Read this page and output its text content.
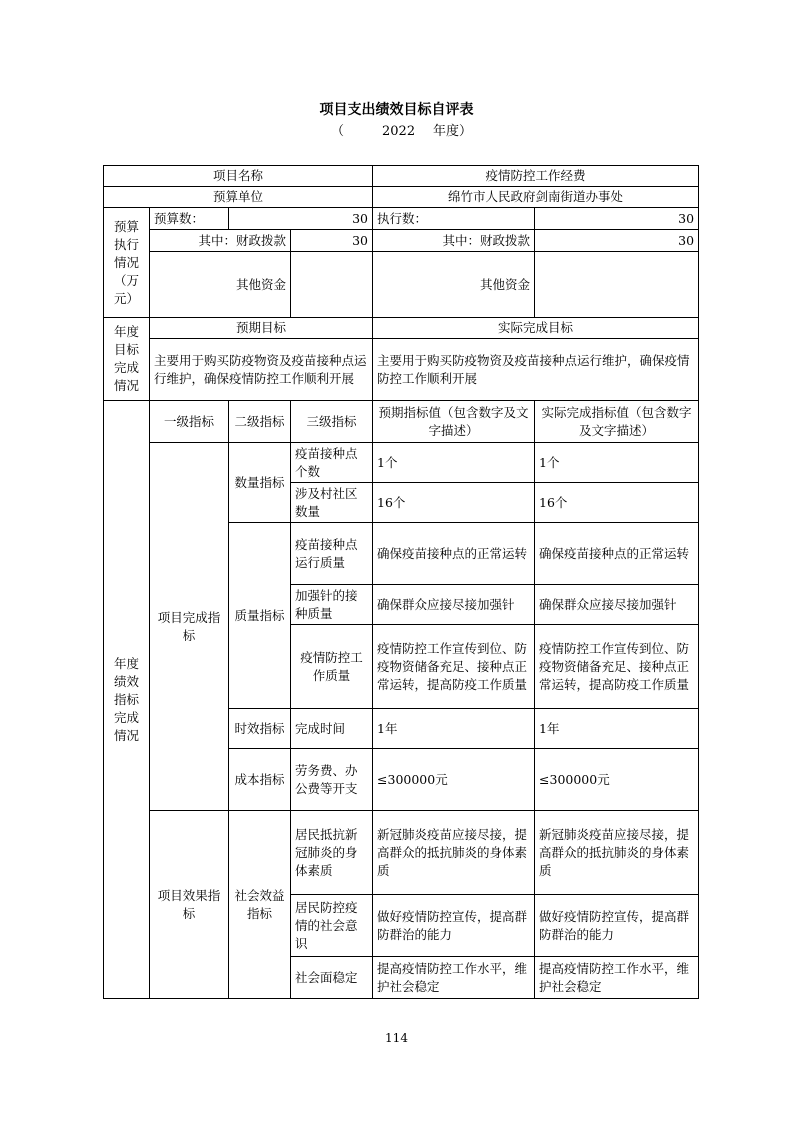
项目支出绩效目标自评表
（	2022 年度）
项目名称				疫情防控工作经费	
预算单位				绵竹市人民政府剑南街道办事处	
预算执行情况（万元）	预算数：	30		执行数：	30
	其中：财政拨款		30	其中：财政拨款	30
	其他资金			其他资金	
年度目标完成情况	预期目标			实际完成目标	
	主要用于购买防疫物资及疫苗接种点运行维护，确保疫情防控工作顺利开展			主要用于购买防疫物资及疫苗接种点运行维护，确保疫情防控工作顺利开展	
年度绩效指标完成情况	一级指标	二级指标	三级指标	预期指标值（包含数字及文字描述）	实际完成指标值（包含数字及文字描述）
	项目完成指标	数量指标	疫苗接种点个数	1个	1个
			涉及村社区数量	16个	16个
		质量指标	疫苗接种点运行质量	确保疫苗接种点的正常运转	确保疫苗接种点的正常运转
			加强针的接种质量	确保群众应接尽接加强针	确保群众应接尽接加强针
			疫情防控工作质量	疫情防控工作宣传到位、防疫物资储备充足、接种点正常运转，提高防疫工作质量	疫情防控工作宣传到位、防疫物资储备充足、接种点正常运转，提高防疫工作质量
		时效指标	完成时间	1年	1年
		成本指标	劳务费、办公费等开支	≤300000元	≤300000元
	项目效果指标	社会效益指标	居民抵抗新冠肺炎的身体素质	新冠肺炎疫苗应接尽接，提高群众的抵抗肺炎的身体素质	新冠肺炎疫苗应接尽接，提高群众的抵抗肺炎的身体素质
			居民防控疫情的社会意识	做好疫情防控宣传，提高群防群治的能力	做好疫情防控宣传，提高群防群治的能力
			社会面稳定	提高疫情防控工作水平，维护社会稳定	提高疫情防控工作水平，维护社会稳定
114
